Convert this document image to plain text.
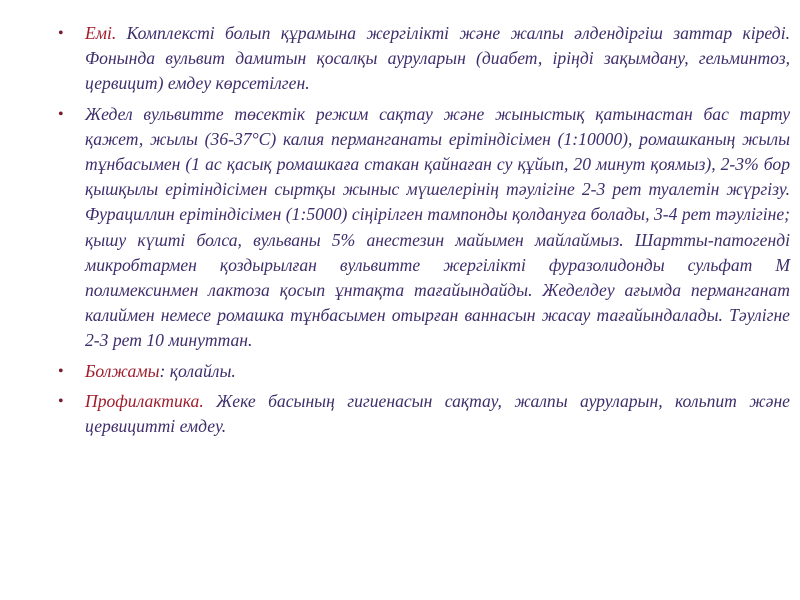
• Емі. Комплексті болып құрамына жергілікті және жалпы әлдендіргіш заттар кіреді. Фонында вульвит дамитын қосалқы ауруларын (диабет, іріңді зақымдану, гельминтоз, цервицит) емдеу көрсетілген.
• Жедел вульвитте төсектік режим сақтау және жыныстық қатынастан бас тарту қажет, жылы (36-37°С) калия перманганаты ерітіндісімен (1:10000), ромашканың жылы тұнбасымен (1 ас қасық ромашкаға стакан қайнаған су құйып, 20 минут қоямыз), 2-3% бор қышқылы ерітіндісімен сыртқы жыныс мүшелерінің тәулігіне 2-3 рет туалетін жүргізу. Фурациллин ерітіндісімен (1:5000) сіңірілген тампонды қолдануға болады, 3-4 рет тәулігіне; қышу күшті болса, вульваны 5% анестезин майымен майлаймыз. Шартты-патогенді микробтармен қоздырылған вульвитте жергілікті фуразолидонды сульфат М полимексинмен лактоза қосып ұнтақта тағайындайды. Жеделдеу ағымда перманганат калиймен немесе ромашка тұнбасымен отырған ваннасын жасау тағайындалады. Тәулігне 2-3 рет 10 минуттан.
• Болжамы: қолайлы.
• Профилактика. Жеке басының гигиенасын сақтау, жалпы ауруларын, кольпит және цервицитті емдеу.
